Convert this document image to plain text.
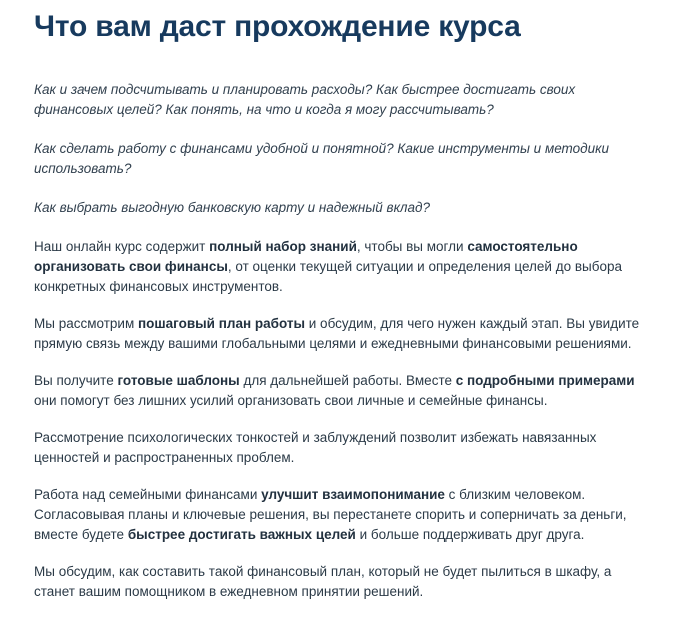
Что вам даст прохождение курса

Как и зачем подсчитывать и планировать расходы? Как быстрее достигать своих финансовых целей? Как понять, на что и когда я могу рассчитывать?

Как сделать работу с финансами удобной и понятной? Какие инструменты и методики использовать?

Как выбрать выгодную банковскую карту и надежный вклад?

Наш онлайн курс содержит полный набор знаний, чтобы вы могли самостоятельно организовать свои финансы, от оценки текущей ситуации и определения целей до выбора конкретных финансовых инструментов.

Мы рассмотрим пошаговый план работы и обсудим, для чего нужен каждый этап. Вы увидите прямую связь между вашими глобальными целями и ежедневными финансовыми решениями.

Вы получите готовые шаблоны для дальнейшей работы. Вместе с подробными примерами они помогут без лишних усилий организовать свои личные и семейные финансы.

Рассмотрение психологических тонкостей и заблуждений позволит избежать навязанных ценностей и распространенных проблем.

Работа над семейными финансами улучшит взаимопонимание с близким человеком. Согласовывая планы и ключевые решения, вы перестанете спорить и соперничать за деньги, вместе будете быстрее достигать важных целей и больше поддерживать друг друга.

Мы обсудим, как составить такой финансовый план, который не будет пылиться в шкафу, а станет вашим помощником в ежедневном принятии решений.
